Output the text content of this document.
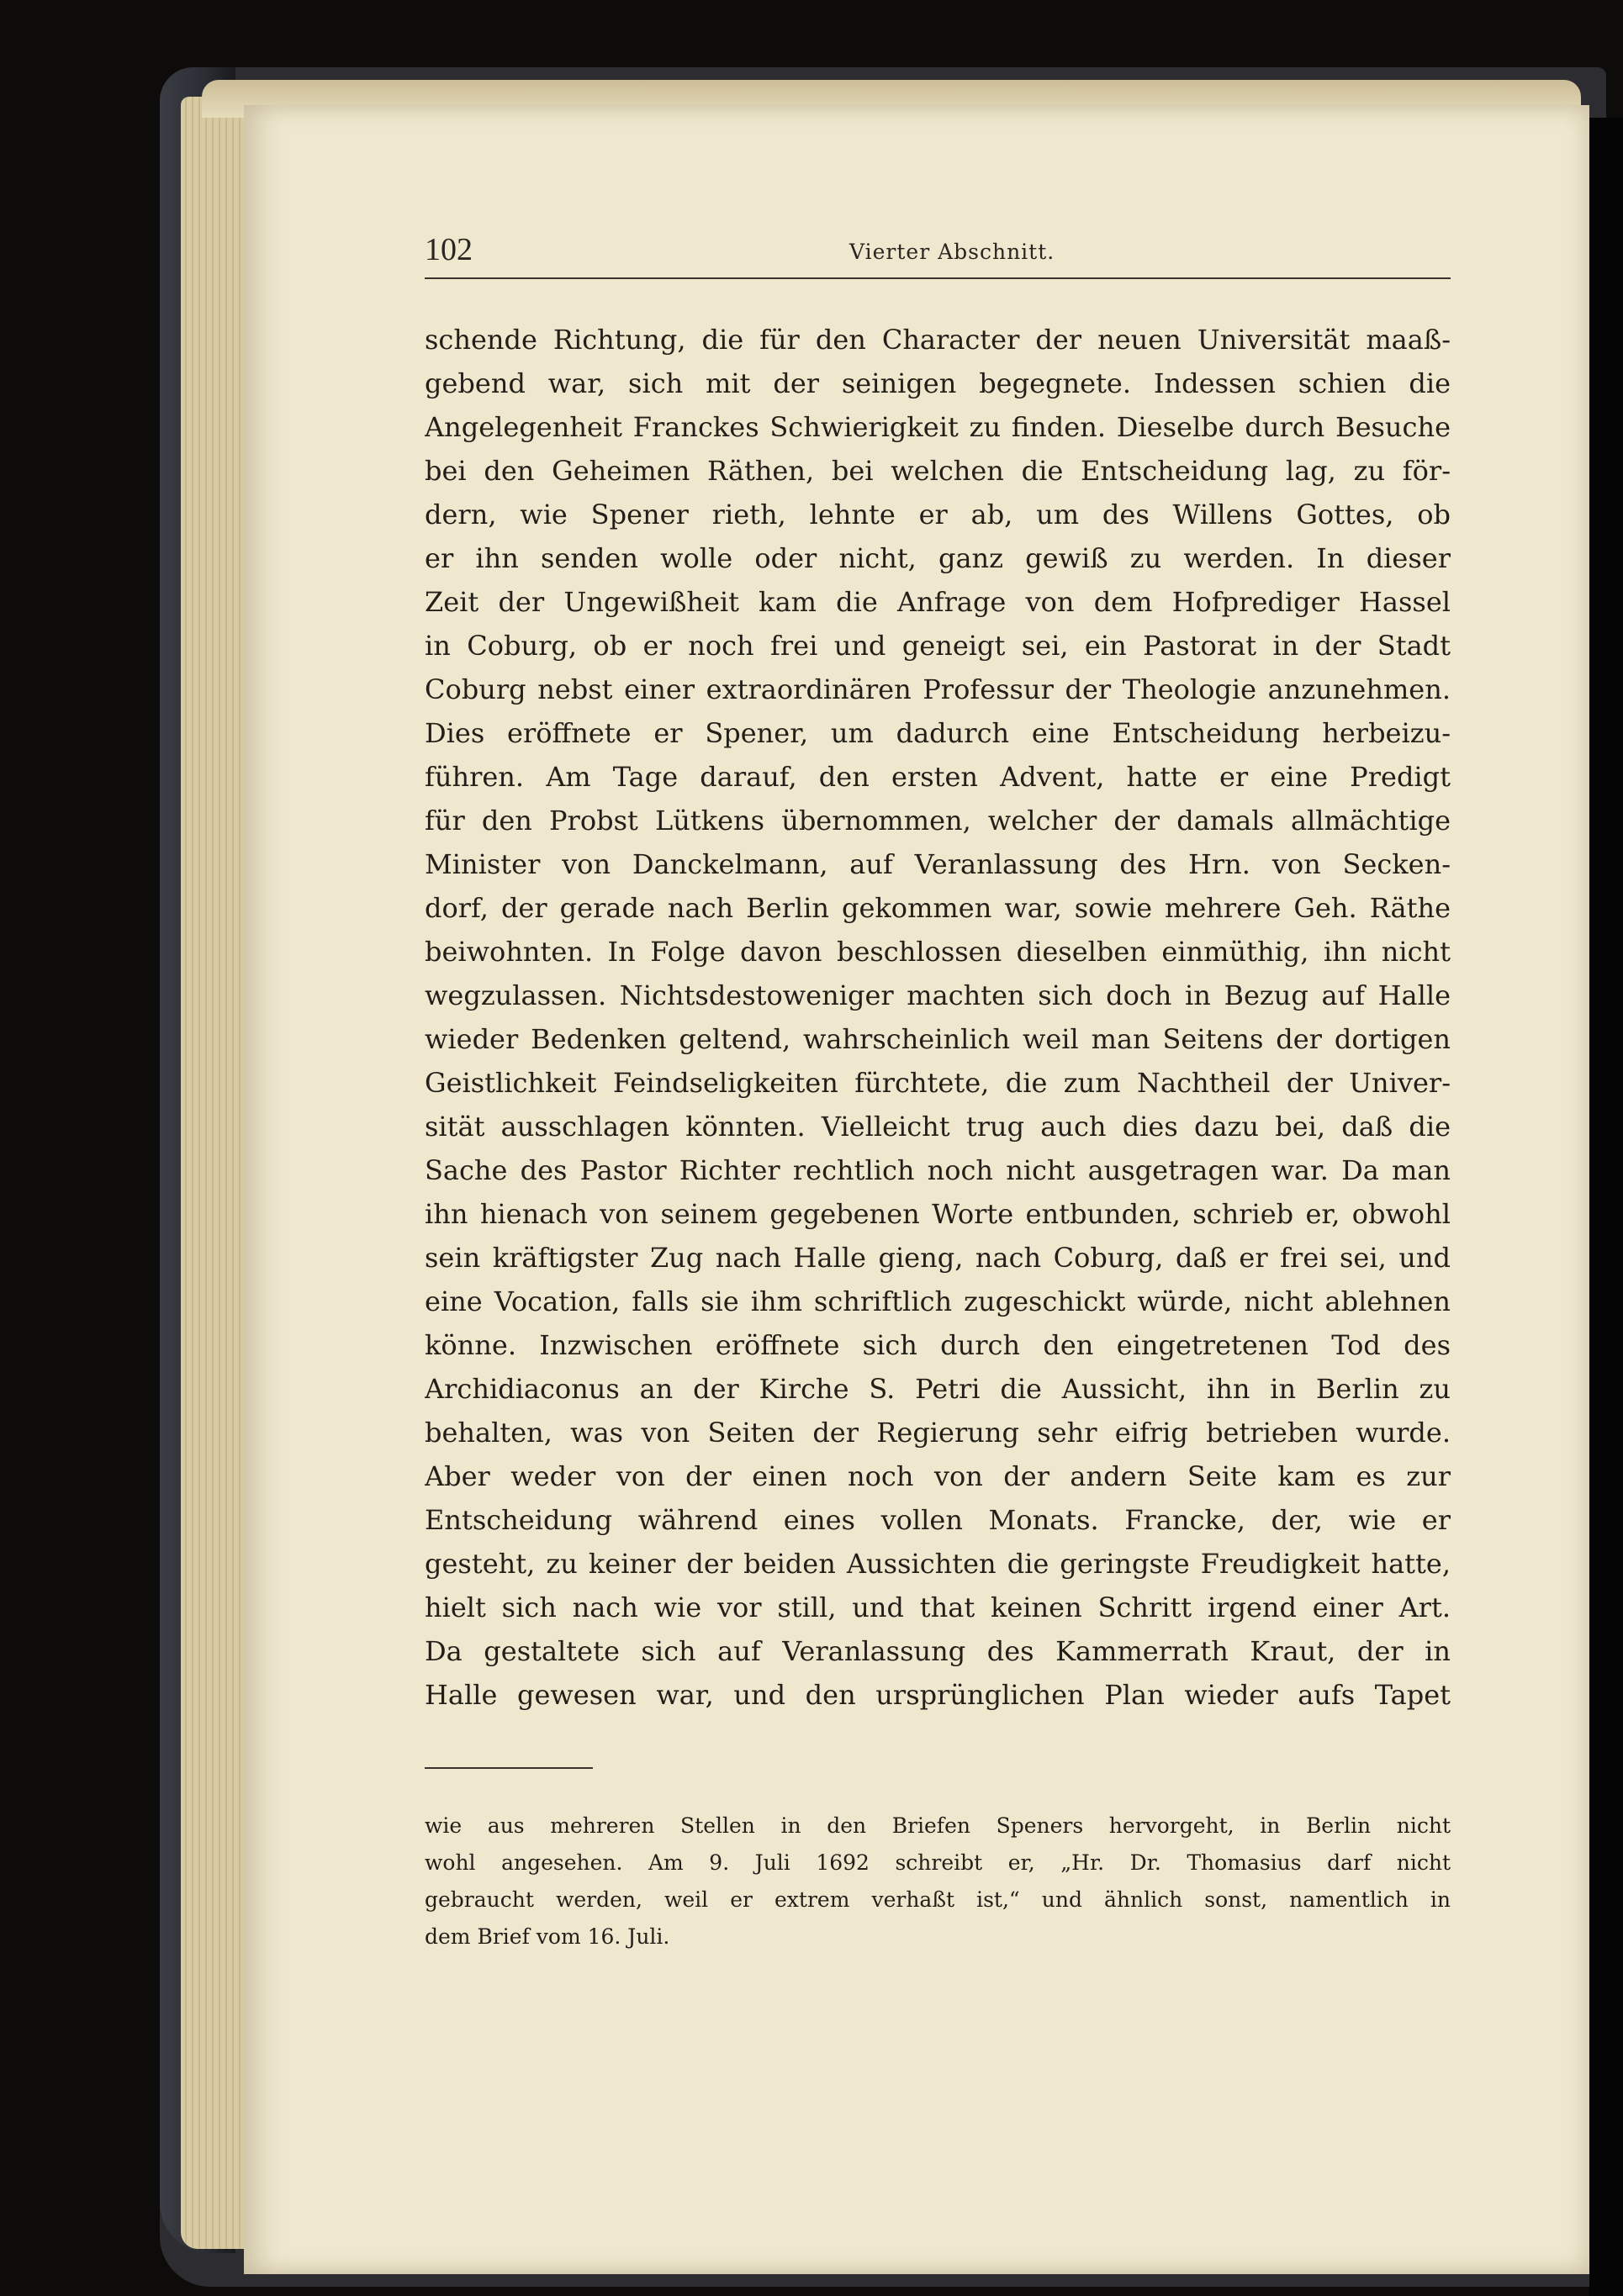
102	Vierter Abschnitt.
schende Richtung, die für den Character der neuen Universität maaß-
gebend war, sich mit der seinigen begegnete. Indessen schien die
Angelegenheit Franckes Schwierigkeit zu finden. Dieselbe durch Besuche
bei den Geheimen Räthen, bei welchen die Entscheidung lag, zu för-
dern, wie Spener rieth, lehnte er ab, um des Willens Gottes, ob
er ihn senden wolle oder nicht, ganz gewiß zu werden. In dieser
Zeit der Ungewißheit kam die Anfrage von dem Hofprediger Hassel
in Coburg, ob er noch frei und geneigt sei, ein Pastorat in der Stadt
Coburg nebst einer extraordinären Professur der Theologie anzunehmen.
Dies eröffnete er Spener, um dadurch eine Entscheidung herbeizu-
führen. Am Tage darauf, den ersten Advent, hatte er eine Predigt
für den Probst Lütkens übernommen, welcher der damals allmächtige
Minister von Danckelmann, auf Veranlassung des Hrn. von Secken-
dorf, der gerade nach Berlin gekommen war, sowie mehrere Geh. Räthe
beiwohnten. In Folge davon beschlossen dieselben einmüthig, ihn nicht
wegzulassen. Nichtsdestoweniger machten sich doch in Bezug auf Halle
wieder Bedenken geltend, wahrscheinlich weil man Seitens der dortigen
Geistlichkeit Feindseligkeiten fürchtete, die zum Nachtheil der Univer-
sität ausschlagen könnten. Vielleicht trug auch dies dazu bei, daß die
Sache des Pastor Richter rechtlich noch nicht ausgetragen war. Da man
ihn hienach von seinem gegebenen Worte entbunden, schrieb er, obwohl
sein kräftigster Zug nach Halle gieng, nach Coburg, daß er frei sei, und
eine Vocation, falls sie ihm schriftlich zugeschickt würde, nicht ablehnen
könne. Inzwischen eröffnete sich durch den eingetretenen Tod des
Archidiaconus an der Kirche S. Petri die Aussicht, ihn in Berlin zu
behalten, was von Seiten der Regierung sehr eifrig betrieben wurde.
Aber weder von der einen noch von der andern Seite kam es zur
Entscheidung während eines vollen Monats. Francke, der, wie er
gesteht, zu keiner der beiden Aussichten die geringste Freudigkeit hatte,
hielt sich nach wie vor still, und that keinen Schritt irgend einer Art.
Da gestaltete sich auf Veranlassung des Kammerrath Kraut, der in
Halle gewesen war, und den ursprünglichen Plan wieder aufs Tapet
wie aus mehreren Stellen in den Briefen Speners hervorgeht, in Berlin nicht
wohl angesehen. Am 9. Juli 1692 schreibt er, „Hr. Dr. Thomasius darf nicht
gebraucht werden, weil er extrem verhaßt ist,“ und ähnlich sonst, namentlich in
dem Brief vom 16. Juli.
